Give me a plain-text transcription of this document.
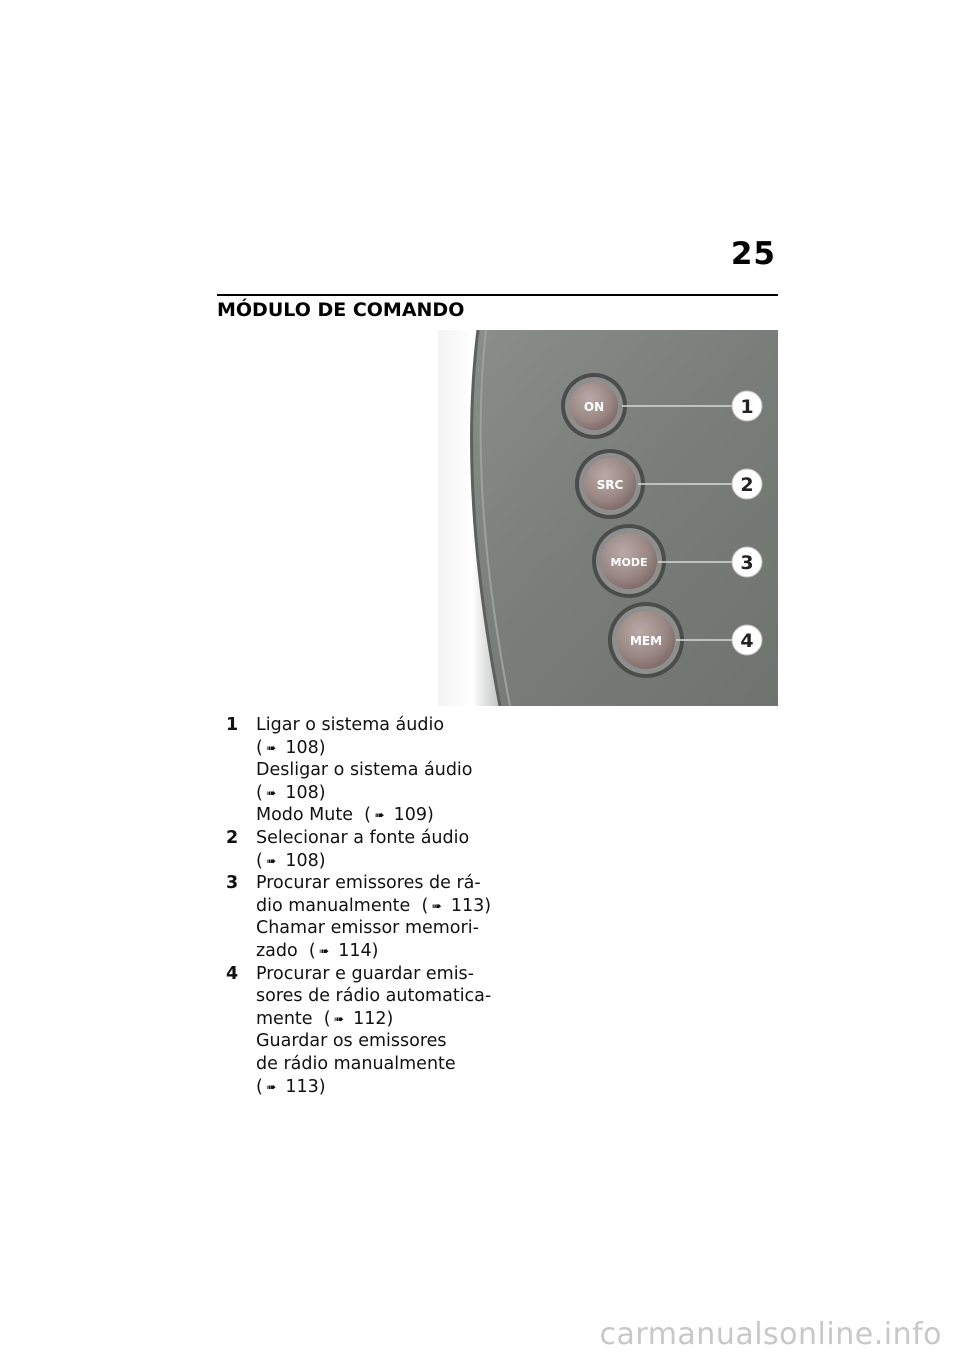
25
MÓDULO DE COMANDO
ON
SRC
MODE
MEM
1
2
3
4
1 Ligar o sistema áudio
( ➠ 108)
Desligar o sistema áudio
( ➠ 108)
Modo Mute ( ➠ 109)
2 Selecionar a fonte áudio
( ➠ 108)
3 Procurar emissores de rá-
dio manualmente ( ➠ 113)
Chamar emissor memori-
zado ( ➠ 114)
4 Procurar e guardar emis-
sores de rádio automatica-
mente ( ➠ 112)
Guardar os emissores
de rádio manualmente
( ➠ 113)
carmanualsonline.info
